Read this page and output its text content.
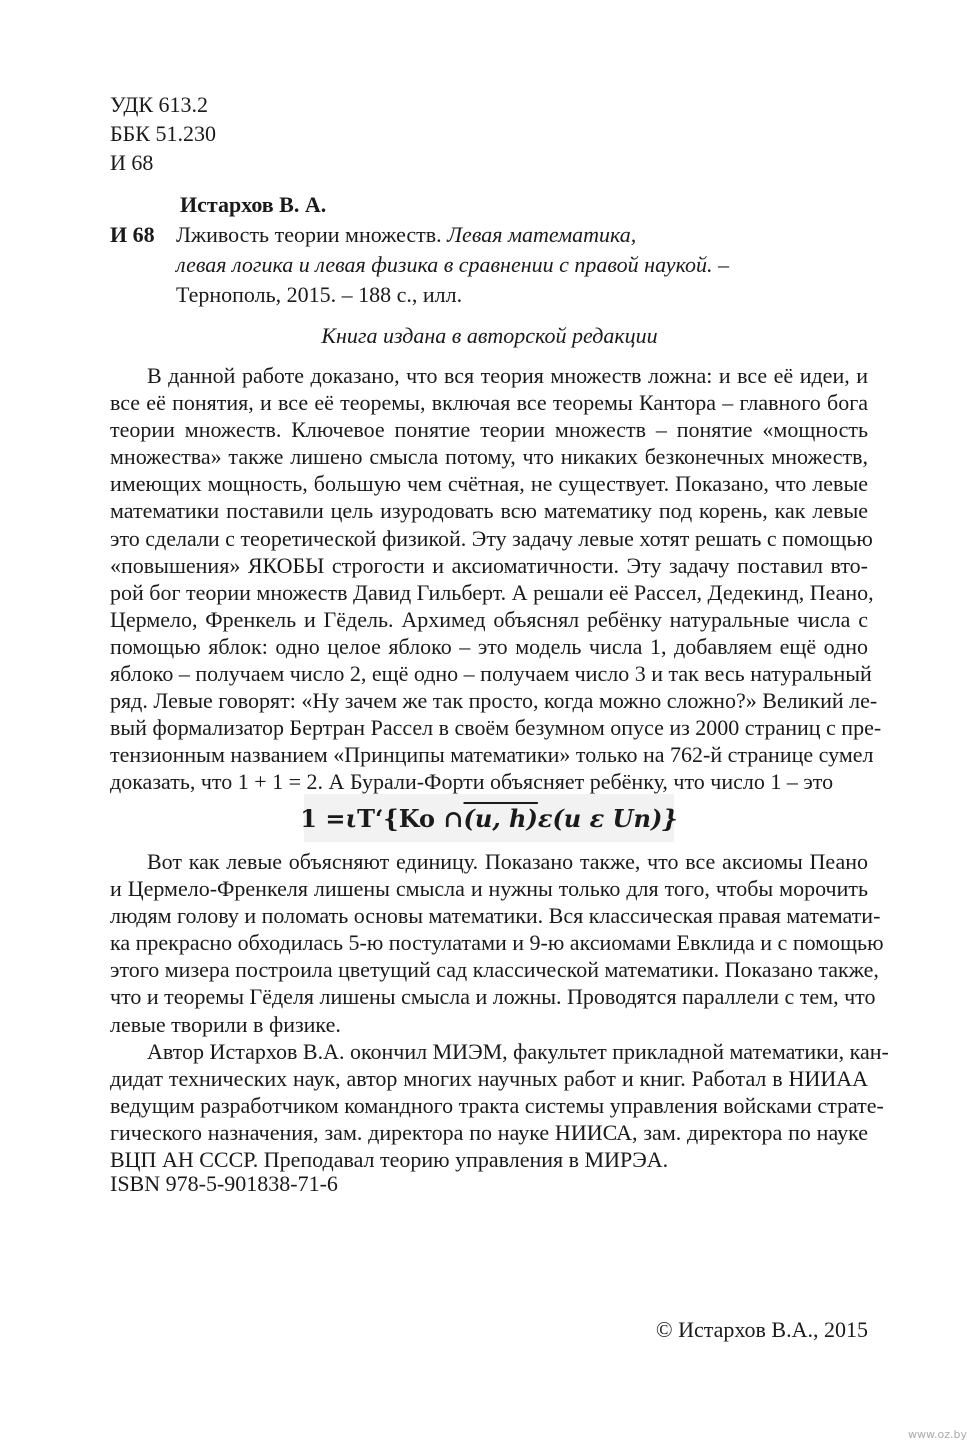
УДК 613.2
ББК 51.230
И 68
Истархов В. А.
И 68 Лживость теории множеств. Левая математика,
левая логика и левая физика в сравнении с правой наукой. –
Тернополь, 2015. – 188 с., илл.
Книга издана в авторской редакции
В данной работе доказано, что вся теория множеств ложна: и все её идеи, и
все её понятия, и все её теоремы, включая все теоремы Кантора – главного бога
теории множеств. Ключевое понятие теории множеств – понятие «мощность
множества» также лишено смысла потому, что никаких безконечных множеств,
имеющих мощность, большую чем счётная, не существует. Показано, что левые
математики поставили цель изуродовать всю математику под корень, как левые
это сделали с теоретической физикой. Эту задачу левые хотят решать с помощью
«повышения» ЯКОБЫ строгости и аксиоматичности. Эту задачу поставил вто-
рой бог теории множеств Давид Гильберт. А решали её Рассел, Дедекинд, Пеано,
Цермело, Френкель и Гёдель. Архимед объяснял ребёнку натуральные числа с
помощью яблок: одно целое яблоко – это модель числа 1, добавляем ещё одно
яблоко – получаем число 2, ещё одно – получаем число 3 и так весь натуральный
ряд. Левые говорят: «Ну зачем же так просто, когда можно сложно?» Великий ле-
вый формализатор Бертран Рассел в своём безумном опусе из 2000 страниц с пре-
тензионным названием «Принципы математики» только на 762-й странице сумел
доказать, что 1 + 1 = 2. А Бурали-Форти объясняет ребёнку, что число 1 – это
1 = ι T‘{Ko ∩ (u, h) ε (u ε Un)}
Вот как левые объясняют единицу. Показано также, что все аксиомы Пеано
и Цермело-Френкеля лишены смысла и нужны только для того, чтобы морочить
людям голову и поломать основы математики. Вся классическая правая математи-
ка прекрасно обходилась 5-ю постулатами и 9-ю аксиомами Евклида и с помощью
этого мизера построила цветущий сад классической математики. Показано также,
что и теоремы Гёделя лишены смысла и ложны. Проводятся параллели с тем, что
левые творили в физике.
Автор Истархов В.А. окончил МИЭМ, факультет прикладной математики, кан-
дидат технических наук, автор многих научных работ и книг. Работал в НИИАА
ведущим разработчиком командного тракта системы управления войсками страте-
гического назначения, зам. директора по науке НИИСА, зам. директора по науке
ВЦП АН СССР. Преподавал теорию управления в МИРЭА.
ISBN 978-5-901838-71-6
© Истархов В.А., 2015
www.oz.by
